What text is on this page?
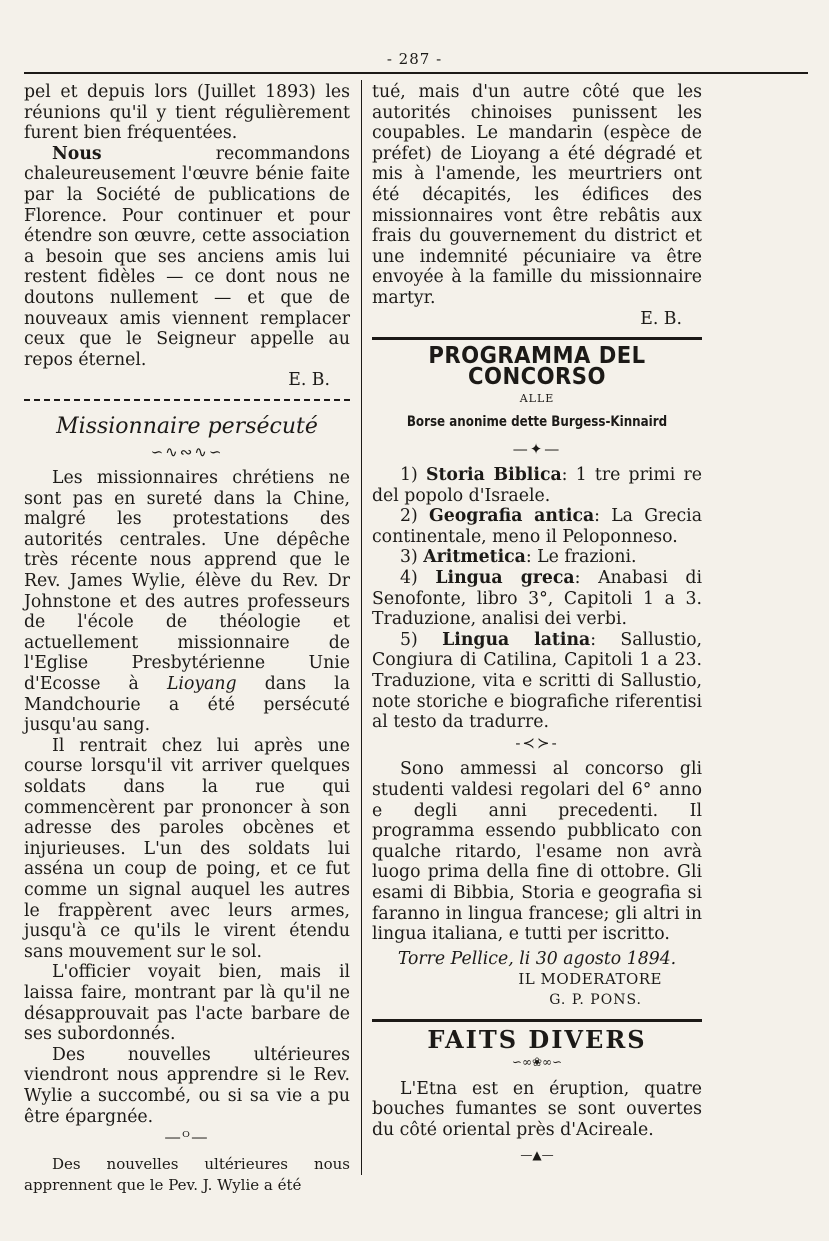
- 287 -

pel et depuis lors (Juillet 1893) les réunions qu'il y tient régulièrement furent bien fréquentées.

Nous recommandons chaleureusement l'œuvre bénie faite par la Société de publications de Florence. Pour continuer et pour étendre son œuvre, cette association a besoin que ses anciens amis lui restent fidèles — ce dont nous ne doutons nullement — et que de nouveaux amis viennent remplacer ceux que le Seigneur appelle au repos éternel.

E. B.

Missionnaire persécuté
∽∿∾∿∽

Les missionnaires chrétiens ne sont pas en sureté dans la Chine, malgré les protestations des autorités centrales. Une dépêche très récente nous apprend que le Rev. James Wylie, élève du Rev. Dr Johnstone et des autres professeurs de l'école de théologie et actuellement missionnaire de l'Eglise Presbytérienne Unie d'Ecosse à Lioyang dans la Mandchourie a été persécuté jusqu'au sang.

Il rentrait chez lui après une course lorsqu'il vit arriver quelques soldats dans la rue qui commencèrent par prononcer à son adresse des paroles obcènes et injurieuses. L'un des soldats lui asséna un coup de poing, et ce fut comme un signal auquel les autres le frappèrent avec leurs armes, jusqu'à ce qu'ils le virent étendu sans mouvement sur le sol.

L'officier voyait bien, mais il laissa faire, montrant par là qu'il ne désapprouvait pas l'acte barbare de ses subordonnés.

Des nouvelles ultérieures viendront nous apprendre si le Rev. Wylie a succombé, ou si sa vie a pu être épargnée.

―ᴼ―

Des nouvelles ultérieures nous apprennent que le Pev. J. Wylie a été

tué, mais d'un autre côté que les autorités chinoises punissent les coupables. Le mandarin (espèce de préfet) de Lioyang a été dégradé et mis à l'amende, les meurtriers ont été décapités, les édifices des missionnaires vont être rebâtis aux frais du gouvernement du district et une indemnité pécuniaire va être envoyée à la famille du missionnaire martyr.

E. B.

PROGRAMMA DEL CONCORSO
ALLE
Borse anonime dette Burgess-Kinnaird
—✦—

1) Storia Biblica: 1 tre primi re del popolo d'Israele.

2) Geografia antica: La Grecia continentale, meno il Peloponneso.

3) Aritmetica: Le frazioni.

4) Lingua greca: Anabasi di Senofonte, libro 3°, Capitoli 1 a 3. Traduzione, analisi dei verbi.

5) Lingua latina: Sallustio, Congiura di Catilina, Capitoli 1 a 23. Traduzione, vita e scritti di Sallustio, note storiche e biografiche riferentisi al testo da tradurre.

-≺≻-

Sono ammessi al concorso gli studenti valdesi regolari del 6° anno e degli anni precedenti. Il programma essendo pubblicato con qualche ritardo, l'esame non avrà luogo prima della fine di ottobre. Gli esami di Bibbia, Storia e geografia si faranno in lingua francese; gli altri in lingua italiana, e tutti per iscritto.

Torre Pellice, li 30 agosto 1894.

IL MODERATORE

G. P. PONS.

FAITS DIVERS
∽∞❀∞∽

L'Etna est en éruption, quatre bouches fumantes se sont ouvertes du côté oriental près d'Acireale.

—▲—
